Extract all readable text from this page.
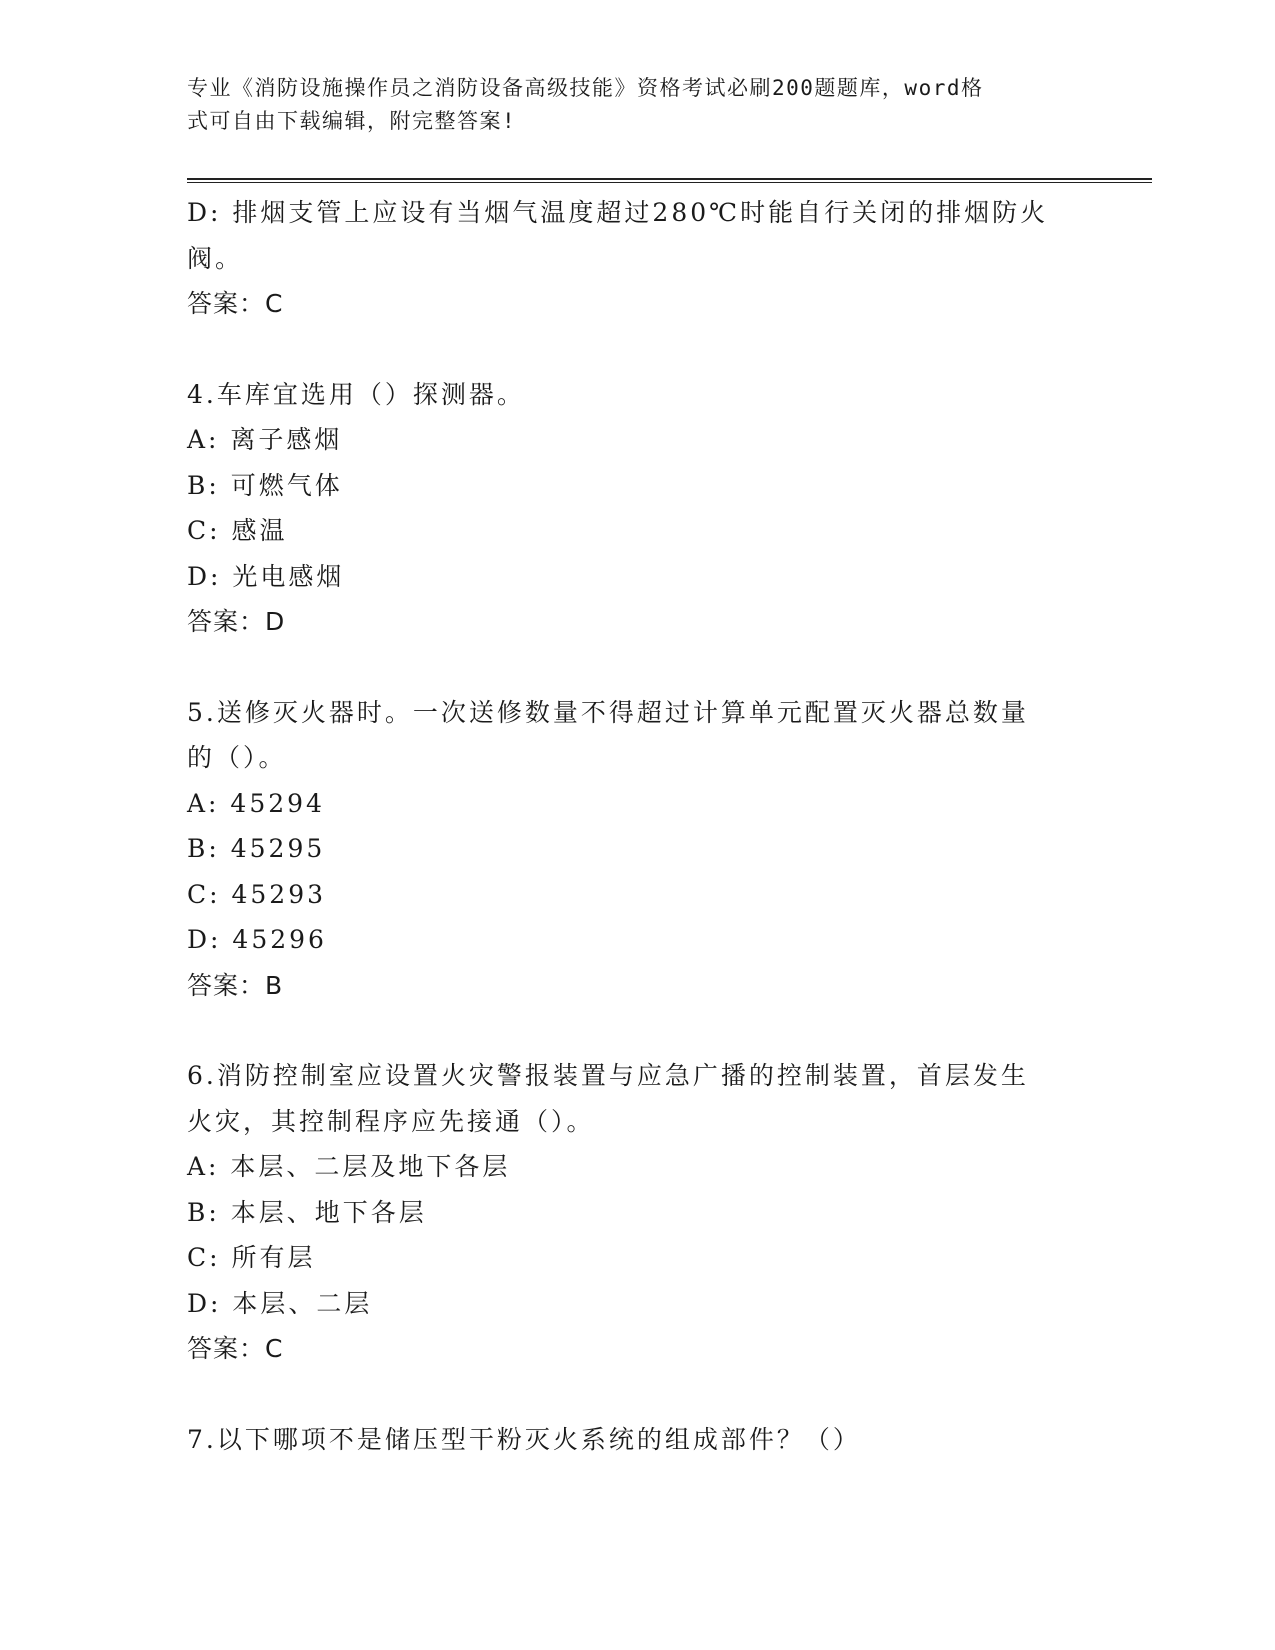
专业《消防设施操作员之消防设备高级技能》资格考试必刷200题题库，word格
式可自由下载编辑，附完整答案!
D: 排烟支管上应设有当烟气温度超过280℃时能自行关闭的排烟防火
阀。
答案：C
4.车库宜选用（）探测器。
A: 离子感烟
B: 可燃气体
C: 感温
D: 光电感烟
答案：D
5.送修灭火器时。一次送修数量不得超过计算单元配置灭火器总数量
的（）。
A: 45294
B: 45295
C: 45293
D: 45296
答案：B
6.消防控制室应设置火灾警报装置与应急广播的控制装置，首层发生
火灾，其控制程序应先接通（）。
A: 本层、二层及地下各层
B: 本层、地下各层
C: 所有层
D: 本层、二层
答案：C
7.以下哪项不是储压型干粉灭火系统的组成部件？（）
